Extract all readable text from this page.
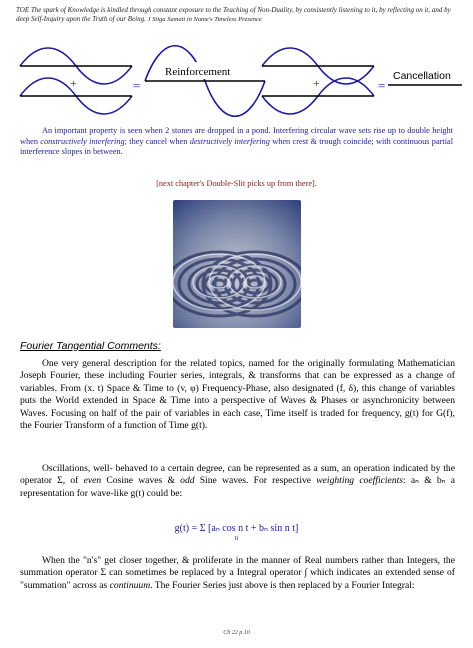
TOE The spark of Knowledge is kindled through constant exposure to the Teaching of Non-Duality, by consistently listening to it, by reflecting on it, and by deep Self-Inquiry upon the Truth of our Being. J Stiga Sumati in Name's Timeless Presence
+	=
Reinforcement
+	=
Cancellation
An important property is seen when 2 stones are dropped in a pond. Interfering circular wave sets rise up to double height when constructively interfering; they cancel when destructively interfering when crest & trough coincide; with continuous partial interference slopes in between.
[next chapter's Double-Slit picks up from there].
Fourier Tangential Comments:
One very general description for the related topics, named for the originally formulating Mathematician Joseph Fourier, these including Fourier series, integrals, & transforms that can be expressed as a change of variables. From (x. t) Space & Time to (v, φ) Frequency-Phase, also designated (f, δ), this change of variables puts the World extended in Space & Time into a perspective of Waves & Phases or asynchronicity between Waves. Focusing on half of the pair of variables in each case, Time itself is traded for frequency, g(t) for G(f), the Fourier Transform of a function of Time g(t).
Oscillations, well- behaved to a certain degree, can be represented as a sum, an operation indicated by the operator Σ, of even Cosine waves & odd Sine waves. For respective weighting coefficients: aₙ & bₙ a representation for wave-like g(t) could be:
g(t) = Σ [aₙ cos n t + bₙ sin n t]
n
When the "n's" get closer together, & proliferate in the manner of Real numbers rather than Integers, the summation operator Σ can sometimes be replaced by a Integral operator ∫ which indicates an extended sense of "summation" across as continuum. The Fourier Series just above is then replaced by a Fourier Integral:
Ch 22 p.10
